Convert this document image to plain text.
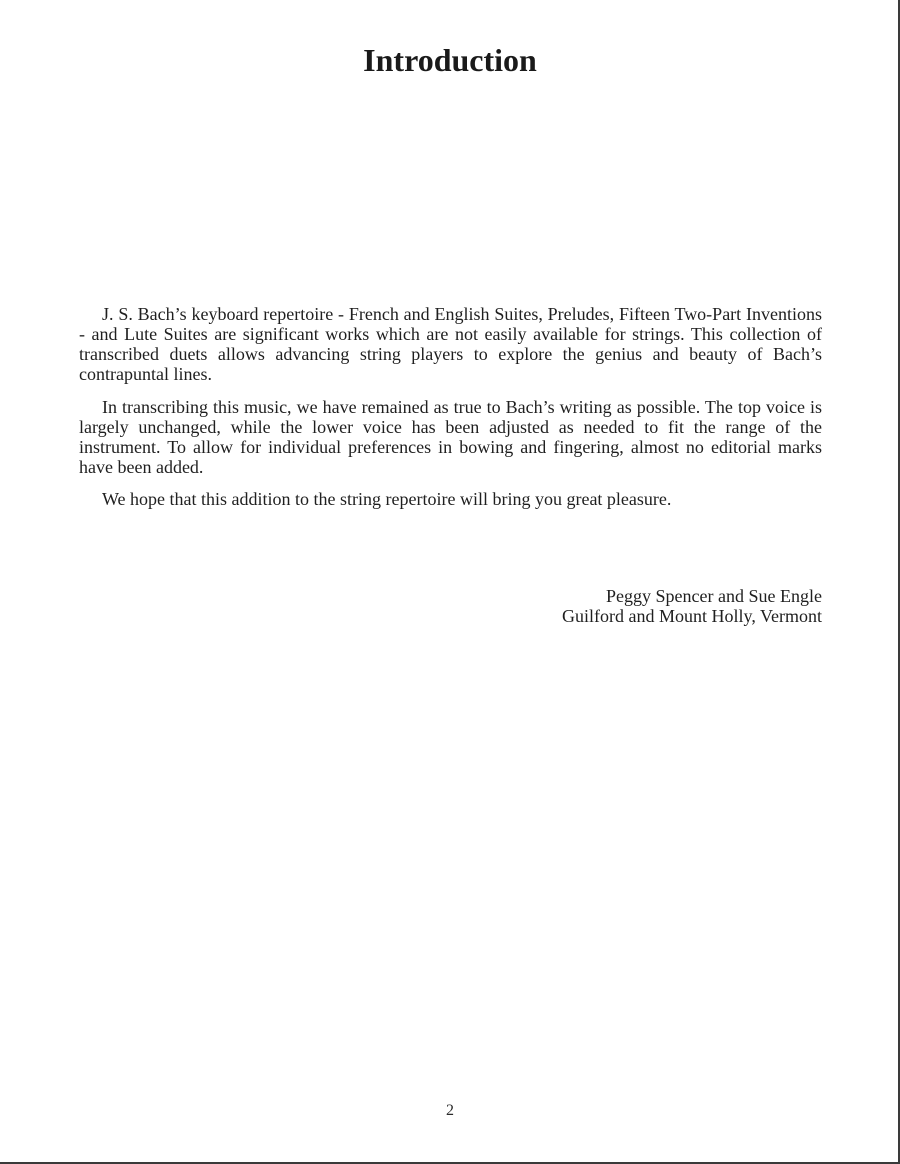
Introduction

J. S. Bach’s keyboard repertoire - French and English Suites, Preludes, Fifteen Two-Part Inventions - and Lute Suites are significant works which are not easily available for strings. This collection of transcribed duets allows advancing string players to explore the genius and beauty of Bach’s contrapuntal lines.

In transcribing this music, we have remained as true to Bach’s writing as possible. The top voice is largely unchanged, while the lower voice has been adjusted as needed to fit the range of the instrument. To allow for individual preferences in bowing and fingering, almost no editorial marks have been added.

We hope that this addition to the string repertoire will bring you great pleasure.

Peggy Spencer and Sue Engle
Guilford and Mount Holly, Vermont
2
